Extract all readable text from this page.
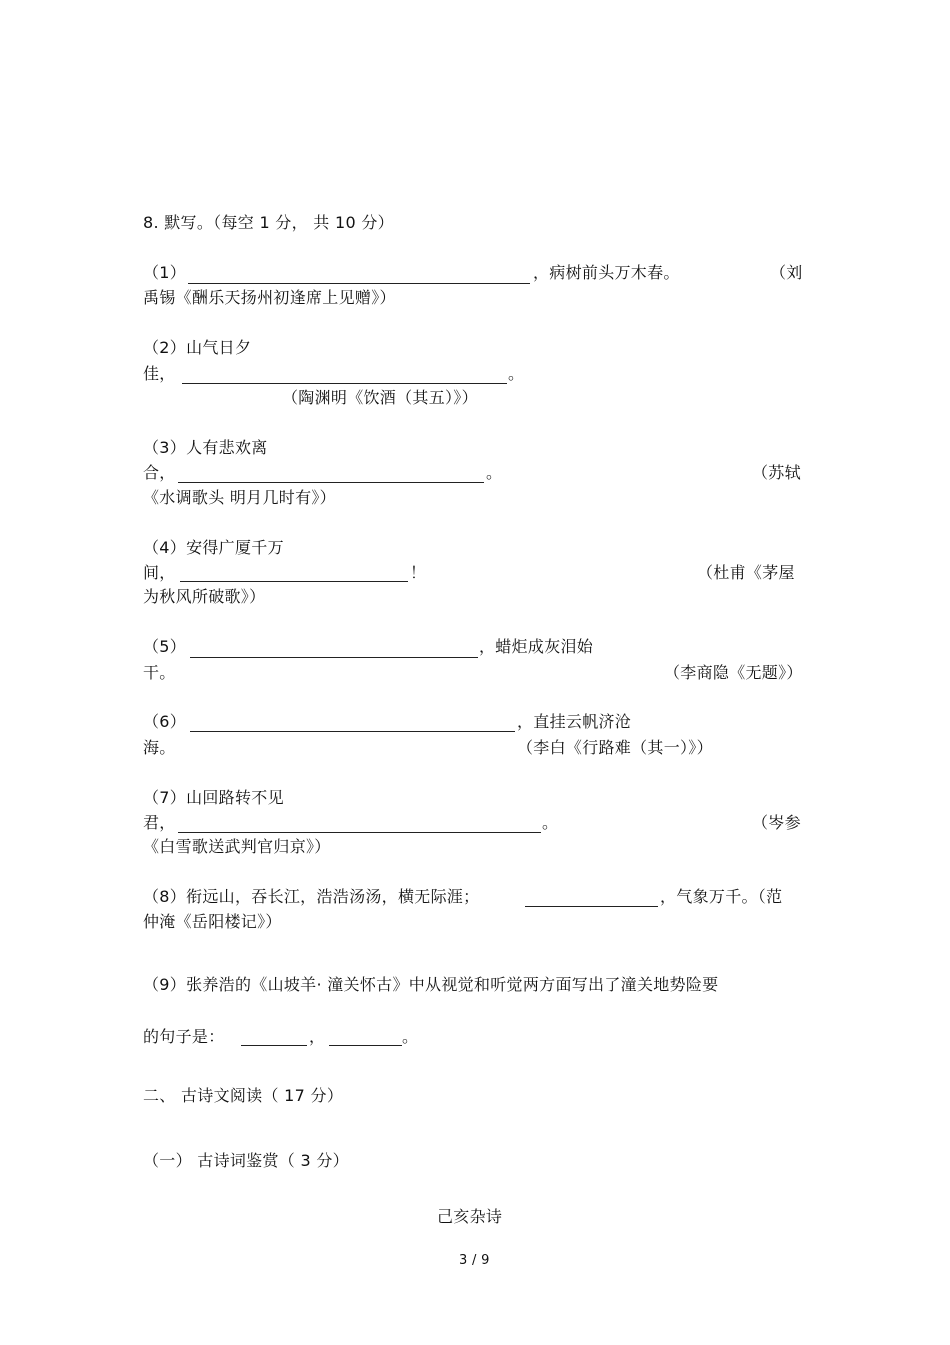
8. 默写。（每空 1 分， 共 10 分）
（1）	，病树前头万木春。	（刘
禹锡《酬乐天扬州初逢席上见赠》）
（2）山气日夕
佳，	。
（陶渊明《饮酒（其五）》）
（3）人有悲欢离
合，	。	（苏轼
《水调歌头 明月几时有》）
（4）安得广厦千万
间，	！	（杜甫《茅屋
为秋风所破歌》）
（5）	，蜡炬成灰泪始
干。	（李商隐《无题》）
（6）	，直挂云帆济沧
海。	（李白《行路难（其一）》）
（7）山回路转不见
君，	。	（岑参
《白雪歌送武判官归京》）
（8）衔远山，吞长江，浩浩汤汤，横无际涯；	，气象万千。（范
仲淹《岳阳楼记》）
（9）张养浩的《山坡羊· 潼关怀古》中从视觉和听觉两方面写出了潼关地势险要
的句子是：	，	。
二、 古诗文阅读（ 17 分）
（一） 古诗词鉴赏（ 3 分）
己亥杂诗
3 / 9
